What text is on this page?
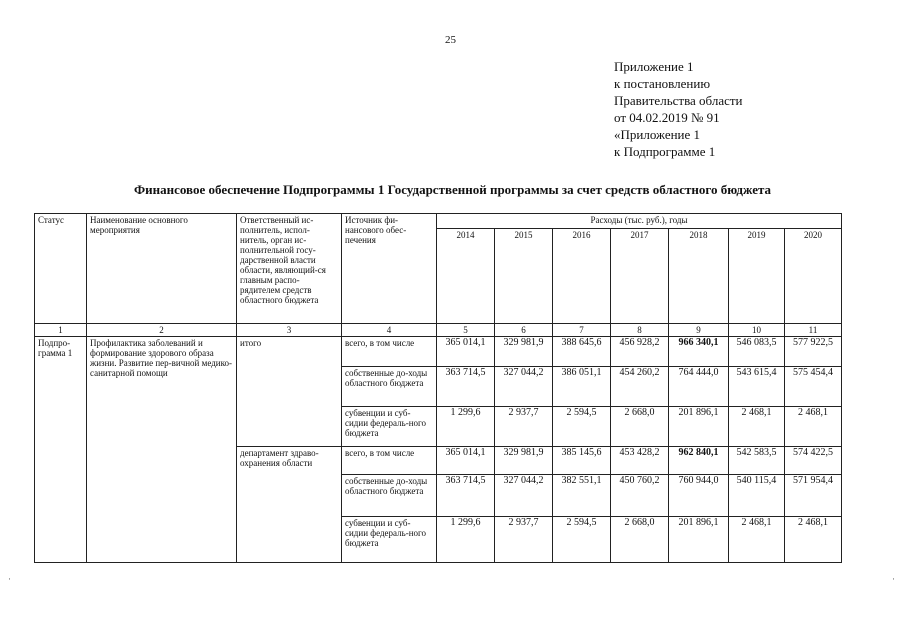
25
Приложение 1
к постановлению
Правительства области
от 04.02.2019 № 91
«Приложение 1
к Подпрограмме 1
Финансовое обеспечение Подпрограммы 1 Государственной программы за счет средств областного бюджета
Статус	Наименование основного мероприятия	Ответственный ис-полнитель, испол-нитель, орган ис-полнительной госу-дарственной власти области, являющий-ся главным распо-рядителем средств областного бюджета	Источник фи-нансового обес-печения	Расходы (тыс. руб.), годы						
				2014	2015	2016	2017	2018	2019	2020
1	2	3	4	5	6	7	8	9	10	11
Подпро-грамма 1	Профилактика заболеваний и формирование здорового образа жизни. Развитие пер-вичной медико-санитарной помощи	итого	всего, в том числе	365 014,1	329 981,9	388 645,6	456 928,2	966 340,1	546 083,5	577 922,5
			собственные до-ходы областного бюджета	363 714,5	327 044,2	386 051,1	454 260,2	764 444,0	543 615,4	575 454,4
			субвенции и суб-сидии федераль-ного бюджета	1 299,6	2 937,7	2 594,5	2 668,0	201 896,1	2 468,1	2 468,1
		департамент здраво-охранения области	всего, в том числе	365 014,1	329 981,9	385 145,6	453 428,2	962 840,1	542 583,5	574 422,5
			собственные до-ходы областного бюджета	363 714,5	327 044,2	382 551,1	450 760,2	760 944,0	540 115,4	571 954,4
			субвенции и суб-сидии федераль-ного бюджета	1 299,6	2 937,7	2 594,5	2 668,0	201 896,1	2 468,1	2 468,1
·	·
